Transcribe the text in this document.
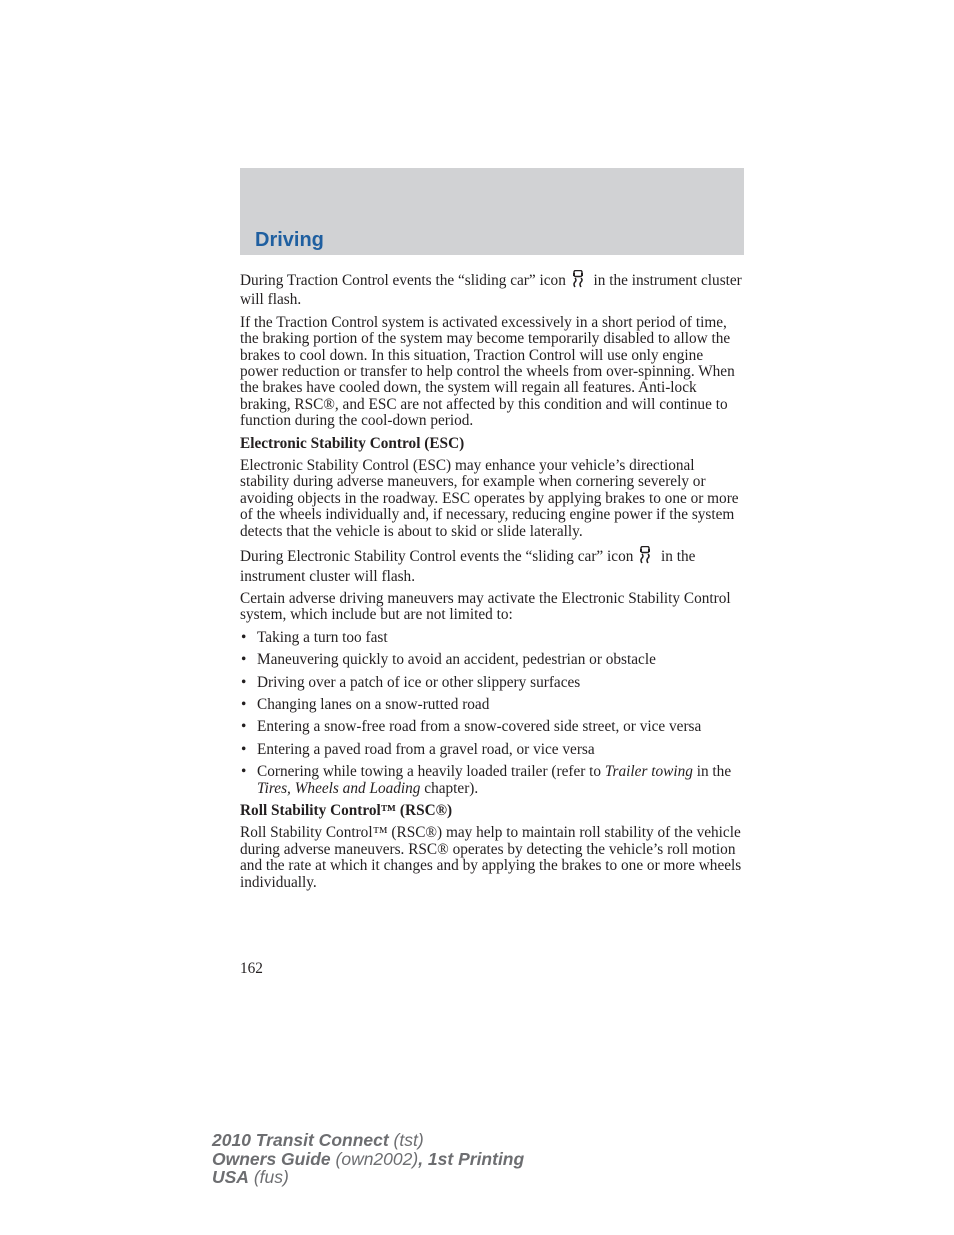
Driving

During Traction Control events the “sliding car” icon in the instrument cluster will flash.

If the Traction Control system is activated excessively in a short period of time, the braking portion of the system may become temporarily disabled to allow the brakes to cool down. In this situation, Traction Control will use only engine power reduction or transfer to help control the wheels from over-spinning. When the brakes have cooled down, the system will regain all features. Anti-lock braking, RSC®, and ESC are not affected by this condition and will continue to function during the cool-down period.

Electronic Stability Control (ESC)

Electronic Stability Control (ESC) may enhance your vehicle’s directional stability during adverse maneuvers, for example when cornering severely or avoiding objects in the roadway. ESC operates by applying brakes to one or more of the wheels individually and, if necessary, reducing engine power if the system detects that the vehicle is about to skid or slide laterally.

During Electronic Stability Control events the “sliding car” icon in the instrument cluster will flash.

Certain adverse driving maneuvers may activate the Electronic Stability Control system, which include but are not limited to:

• Taking a turn too fast
• Maneuvering quickly to avoid an accident, pedestrian or obstacle
• Driving over a patch of ice or other slippery surfaces
• Changing lanes on a snow-rutted road
• Entering a snow-free road from a snow-covered side street, or vice versa
• Entering a paved road from a gravel road, or vice versa
• Cornering while towing a heavily loaded trailer (refer to Trailer towing in the Tires, Wheels and Loading chapter).
Roll Stability Control™ (RSC®)

Roll Stability Control™ (RSC®) may help to maintain roll stability of the vehicle during adverse maneuvers. RSC® operates by detecting the vehicle’s roll motion and the rate at which it changes and by applying the brakes to one or more wheels individually.

162
2010 Transit Connect (tst)
Owners Guide (own2002), 1st Printing
USA (fus)
